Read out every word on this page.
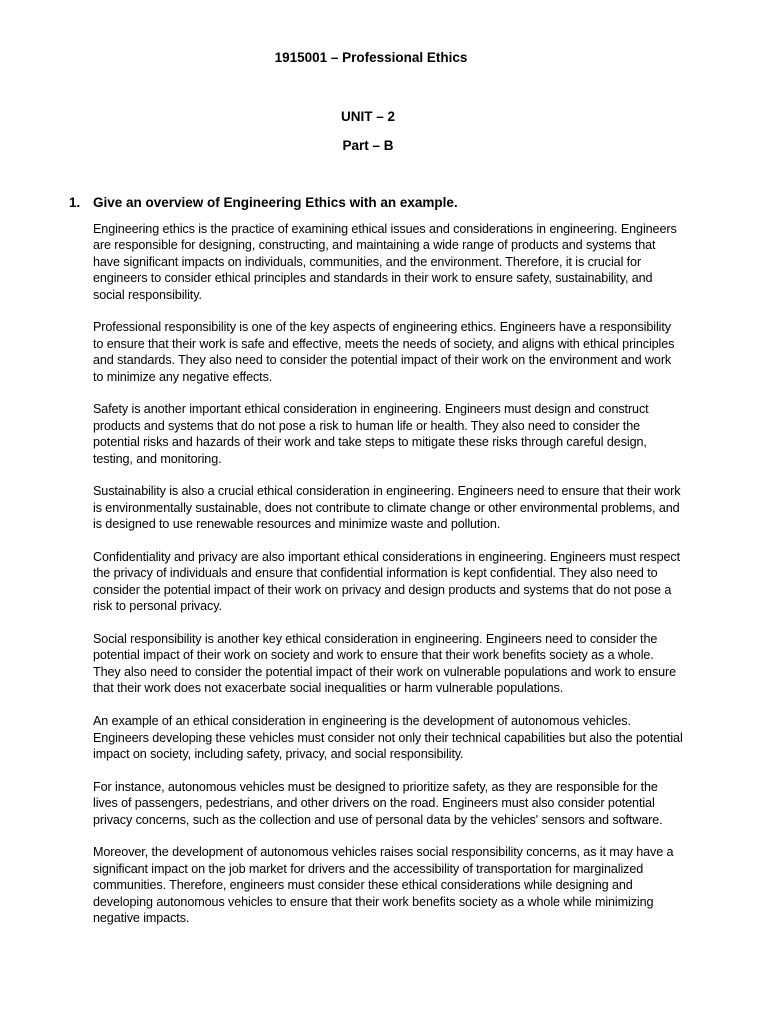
1915001 – Professional Ethics
UNIT – 2
Part – B
1. Give an overview of Engineering Ethics with an example.

Engineering ethics is the practice of examining ethical issues and considerations in engineering. Engineers are responsible for designing, constructing, and maintaining a wide range of products and systems that have significant impacts on individuals, communities, and the environment. Therefore, it is crucial for engineers to consider ethical principles and standards in their work to ensure safety, sustainability, and social responsibility.

Professional responsibility is one of the key aspects of engineering ethics. Engineers have a responsibility to ensure that their work is safe and effective, meets the needs of society, and aligns with ethical principles and standards. They also need to consider the potential impact of their work on the environment and work to minimize any negative effects.

Safety is another important ethical consideration in engineering. Engineers must design and construct products and systems that do not pose a risk to human life or health. They also need to consider the potential risks and hazards of their work and take steps to mitigate these risks through careful design, testing, and monitoring.

Sustainability is also a crucial ethical consideration in engineering. Engineers need to ensure that their work is environmentally sustainable, does not contribute to climate change or other environmental problems, and is designed to use renewable resources and minimize waste and pollution.

Confidentiality and privacy are also important ethical considerations in engineering. Engineers must respect the privacy of individuals and ensure that confidential information is kept confidential. They also need to consider the potential impact of their work on privacy and design products and systems that do not pose a risk to personal privacy.

Social responsibility is another key ethical consideration in engineering. Engineers need to consider the potential impact of their work on society and work to ensure that their work benefits society as a whole. They also need to consider the potential impact of their work on vulnerable populations and work to ensure that their work does not exacerbate social inequalities or harm vulnerable populations.

An example of an ethical consideration in engineering is the development of autonomous vehicles. Engineers developing these vehicles must consider not only their technical capabilities but also the potential impact on society, including safety, privacy, and social responsibility.

For instance, autonomous vehicles must be designed to prioritize safety, as they are responsible for the lives of passengers, pedestrians, and other drivers on the road. Engineers must also consider potential privacy concerns, such as the collection and use of personal data by the vehicles' sensors and software.

Moreover, the development of autonomous vehicles raises social responsibility concerns, as it may have a significant impact on the job market for drivers and the accessibility of transportation for marginalized communities. Therefore, engineers must consider these ethical considerations while designing and developing autonomous vehicles to ensure that their work benefits society as a whole while minimizing negative impacts.
